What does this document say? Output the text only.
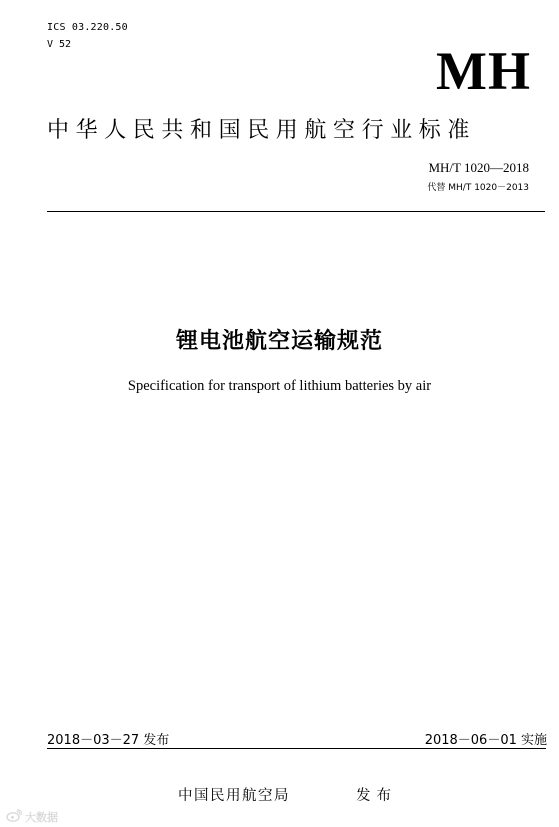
ICS 03.220.50
V 52	MH
中华人民共和国民用航空行业标准
MH/T 1020—2018
代替 MH/T 1020－2013
锂电池航空运输规范
Specification for transport of lithium batteries by air
2018－03－27 发布	2018－06－01 实施
中国民用航空局	发布
大数据
